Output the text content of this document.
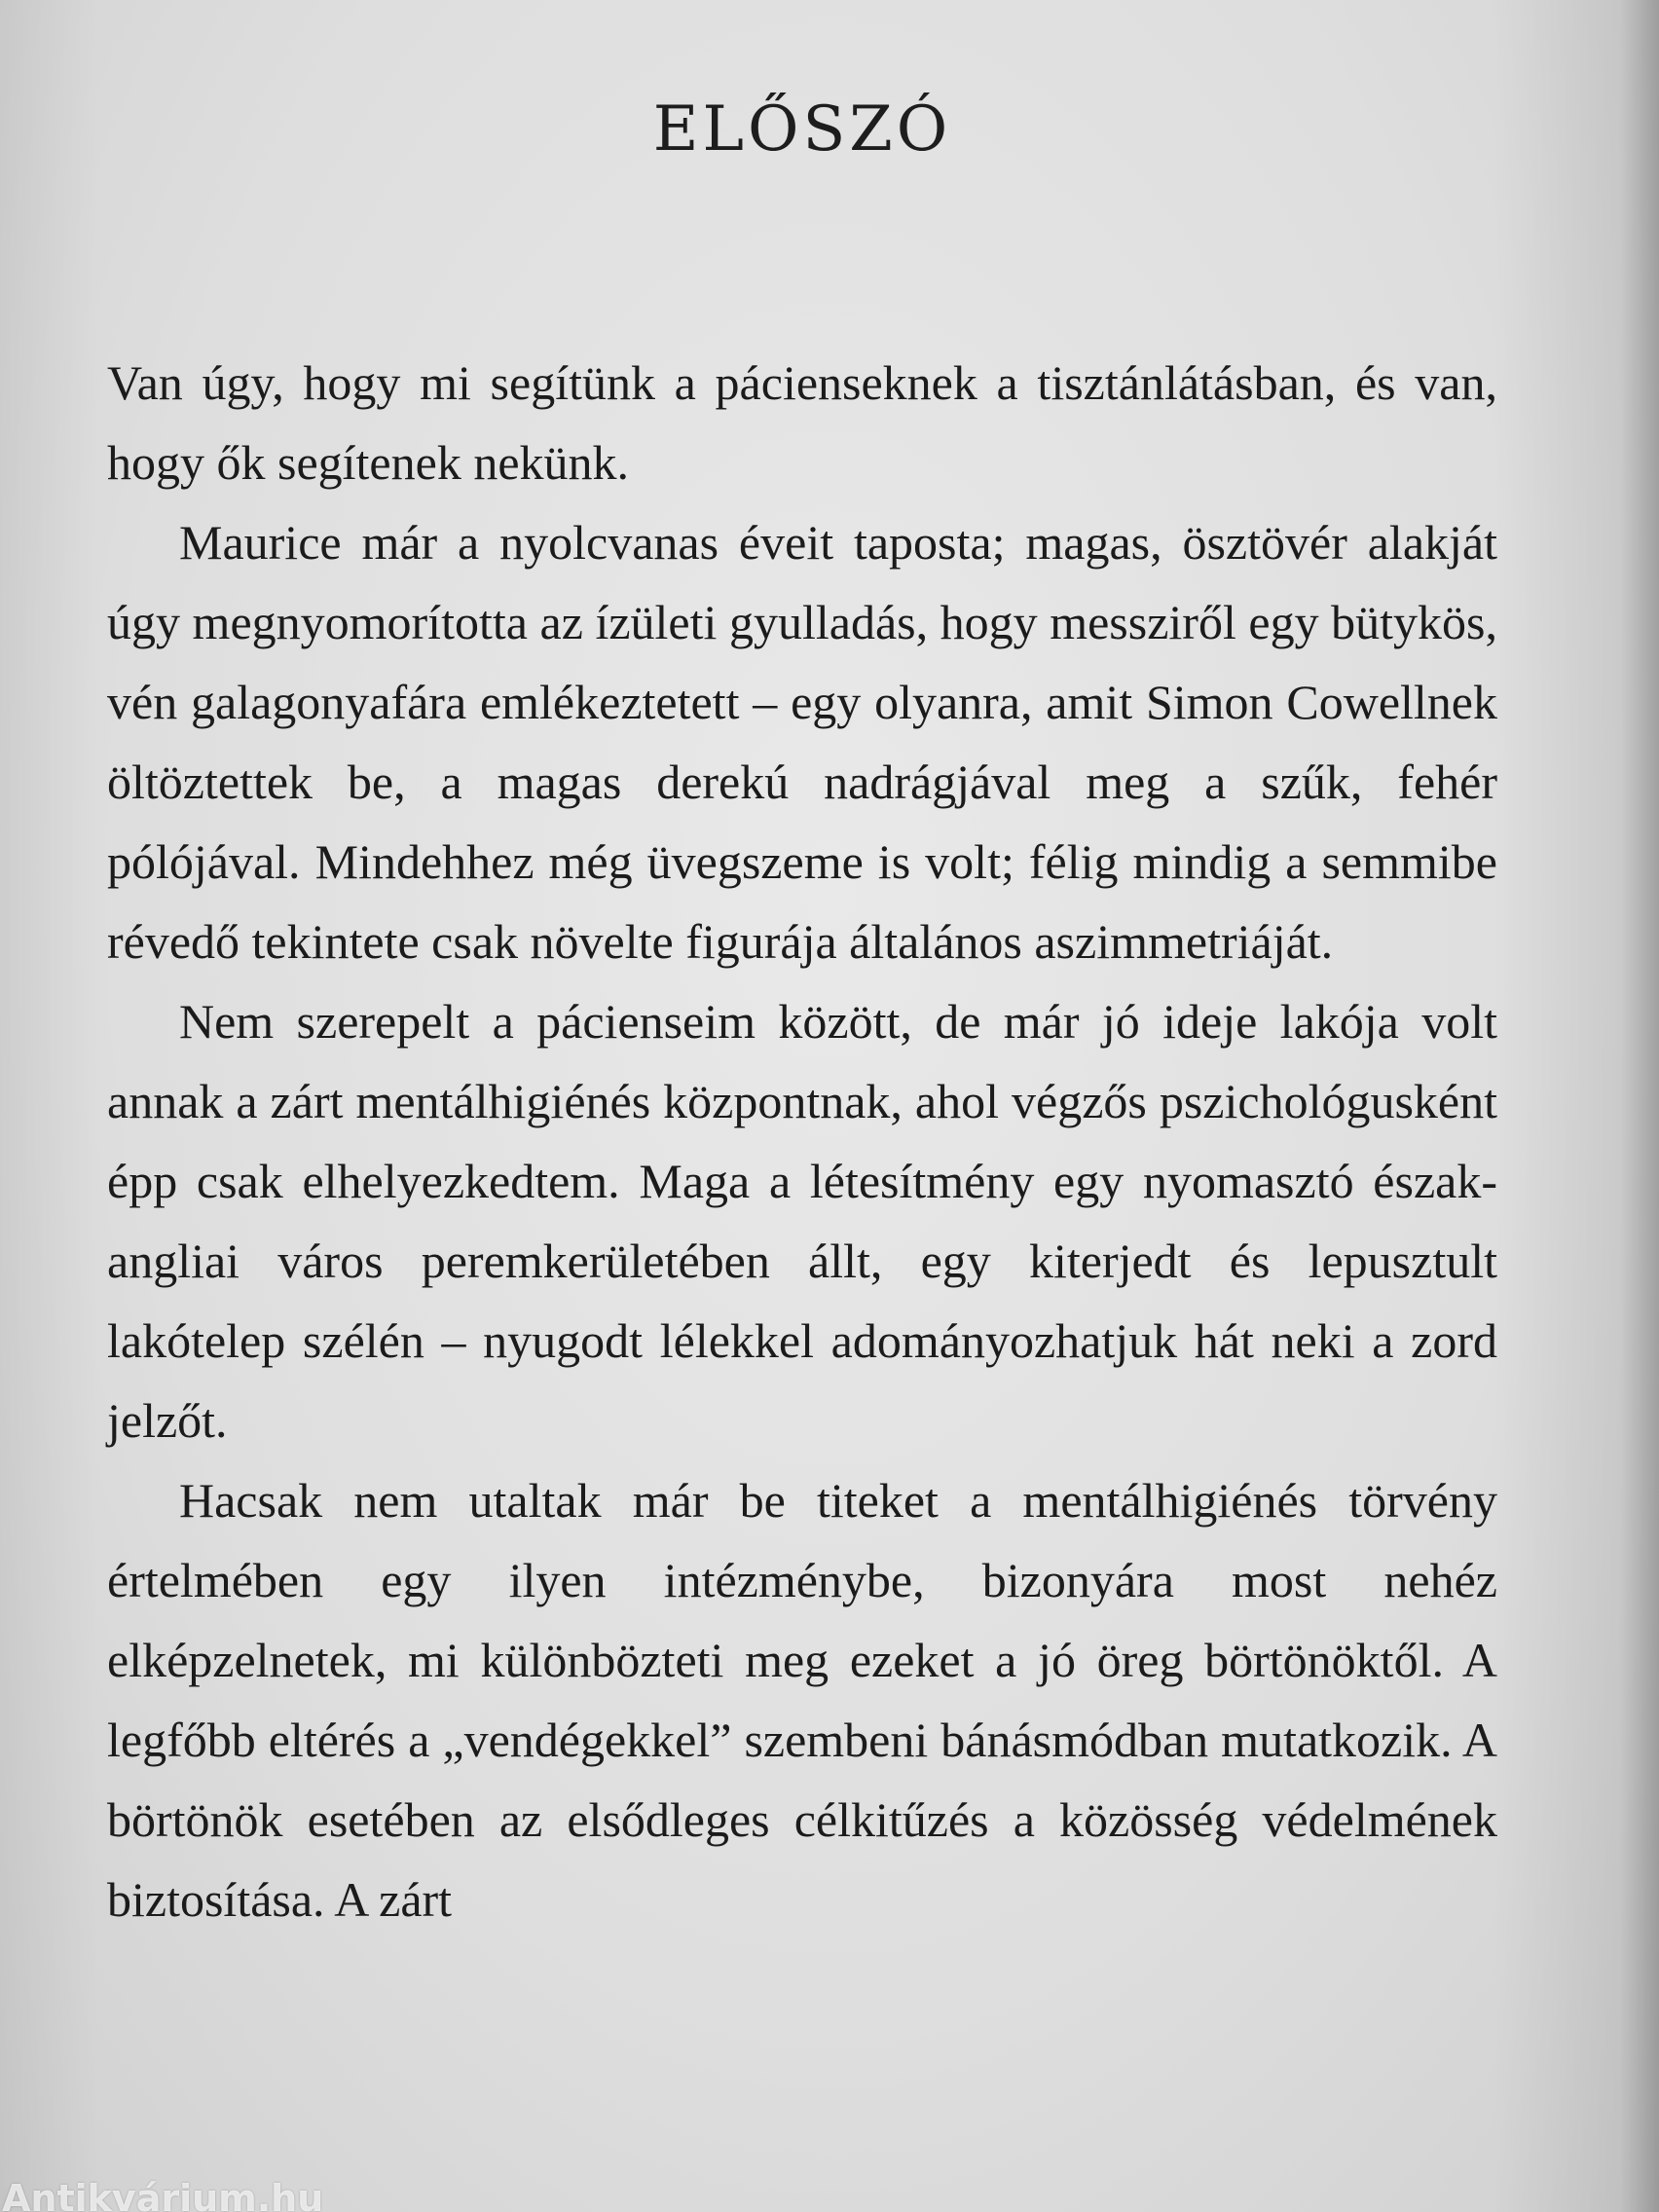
ELŐSZÓ

Van úgy, hogy mi segítünk a pácienseknek a tisztánlátásban, és van, hogy ők segítenek nekünk.

Maurice már a nyolcvanas éveit taposta; magas, ösztövér alakját úgy megnyomorította az ízületi gyulladás, hogy messziről egy bütykös, vén galagonyafára emlékeztetett – egy olyanra, amit Simon Cowellnek öltöztettek be, a magas derekú nadrágjával meg a szűk, fehér pólójával. Mindehhez még üvegszeme is volt; félig mindig a semmibe révedő tekintete csak növelte figurája általános aszimmetriáját.

Nem szerepelt a pácienseim között, de már jó ideje lakója volt annak a zárt mentálhigiénés központnak, ahol végzős pszichológusként épp csak elhelyezkedtem. Maga a létesítmény egy nyomasztó észak-angliai város peremkerületében állt, egy kiterjedt és lepusztult lakótelep szélén – nyugodt lélekkel adományozhatjuk hát neki a zord jelzőt.

Hacsak nem utaltak már be titeket a mentálhigiénés törvény értelmében egy ilyen intézménybe, bizonyára most nehéz elképzelnetek, mi különbözteti meg ezeket a jó öreg börtönöktől. A legfőbb eltérés a „vendégekkel” szembeni bánásmódban mutatkozik. A börtönök esetében az elsődleges célkitűzés a közösség védelmének biztosítása. A zárt

Antikvárium.hu
